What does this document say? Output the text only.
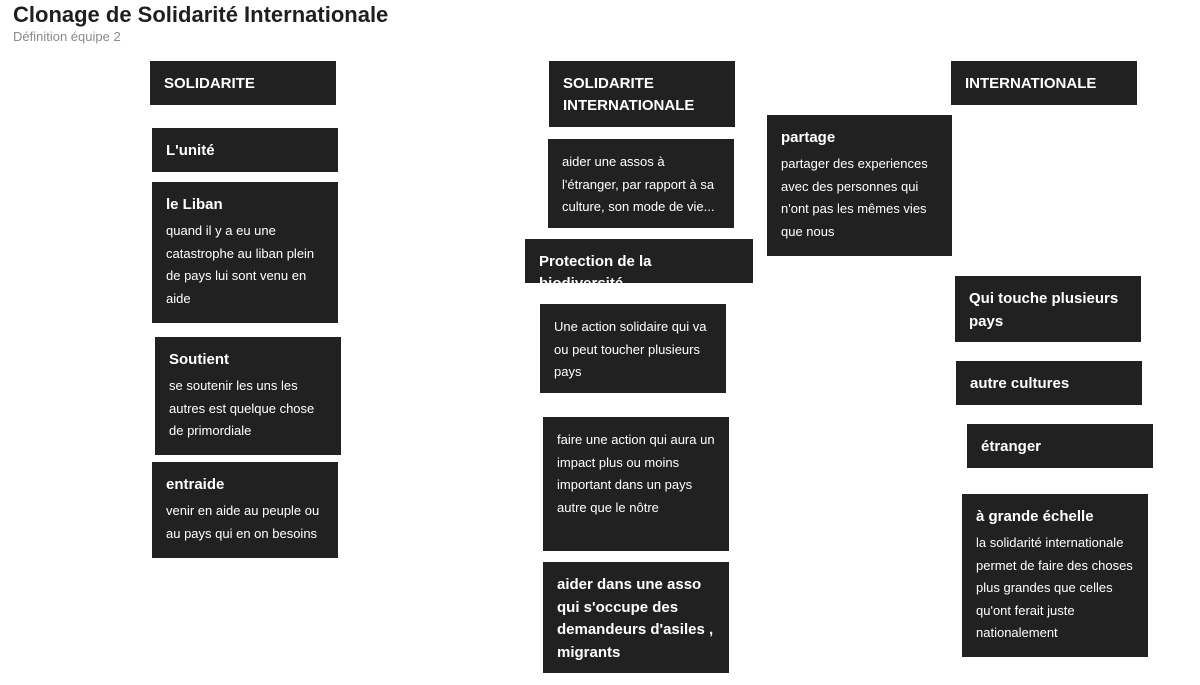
Clonage de Solidarité Internationale
Définition équipe 2
SOLIDARITE
L'unité
le Liban
quand il y a eu une catastrophe au liban plein de pays lui sont venu en aide
Soutient
se soutenir les uns les autres est quelque chose de primordiale
entraide
venir en aide au peuple ou au pays qui en on besoins
SOLIDARITE INTERNATIONALE
aider une assos à l'étranger, par rapport à sa culture, son mode de vie...
Protection de la biodiversité
Une action solidaire qui va ou peut toucher plusieurs pays
faire une action qui aura un impact plus ou moins important dans un pays autre que le nôtre
aider dans une asso qui s'occupe des demandeurs d'asiles , migrants
partage
partager des experiences avec des personnes qui n'ont pas les mêmes vies que nous
INTERNATIONALE
Qui touche plusieurs pays
autre cultures
étranger
à grande échelle
la solidarité internationale permet de faire des choses plus grandes que celles qu'ont ferait juste nationalement
